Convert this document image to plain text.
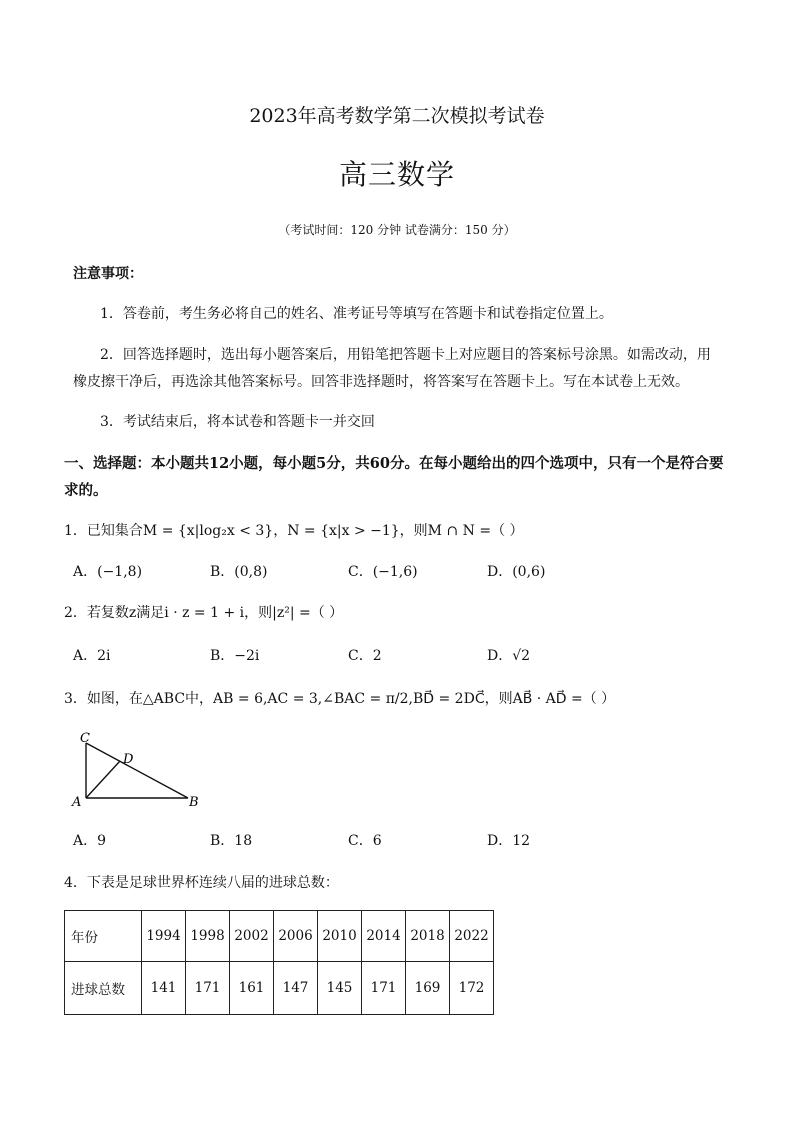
2023年高考数学第二次模拟考试卷
高三数学
（考试时间：120 分钟 试卷满分：150 分）
注意事项：
1．答卷前，考生务必将自己的姓名、准考证号等填写在答题卡和试卷指定位置上。
2．回答选择题时，选出每小题答案后，用铅笔把答题卡上对应题目的答案标号涂黑。如需改动，用
橡皮擦干净后，再选涂其他答案标号。回答非选择题时，将答案写在答题卡上。写在本试卷上无效。
3．考试结束后，将本试卷和答题卡一并交回
一、选择题：本小题共12小题，每小题5分，共60分。在每小题给出的四个选项中，只有一个是符合要
求的。
1．已知集合M = {x|log₂x < 3}，N = {x|x > −1}，则M ∩ N =（ ）
A．(−1,8)	B．(0,8)	C．(−1,6)	D．(0,6)
2．若复数z满足i · z = 1 + i，则|z²| =（ ）
A．2i	B．−2i	C．2	D．√2
3．如图，在△ABC中，AB = 6,AC = 3,∠BAC = π/2,BD⃗ = 2DC⃗，则AB⃗ · AD⃗ =（ ）
C
D
A	B
A．9	B．18	C．6	D．12
4．下表是足球世界杯连续八届的进球总数：
年份	1994	1998	2002	2006	2010	2014	2018	2022
进球总数	141	171	161	147	145	171	169	172
